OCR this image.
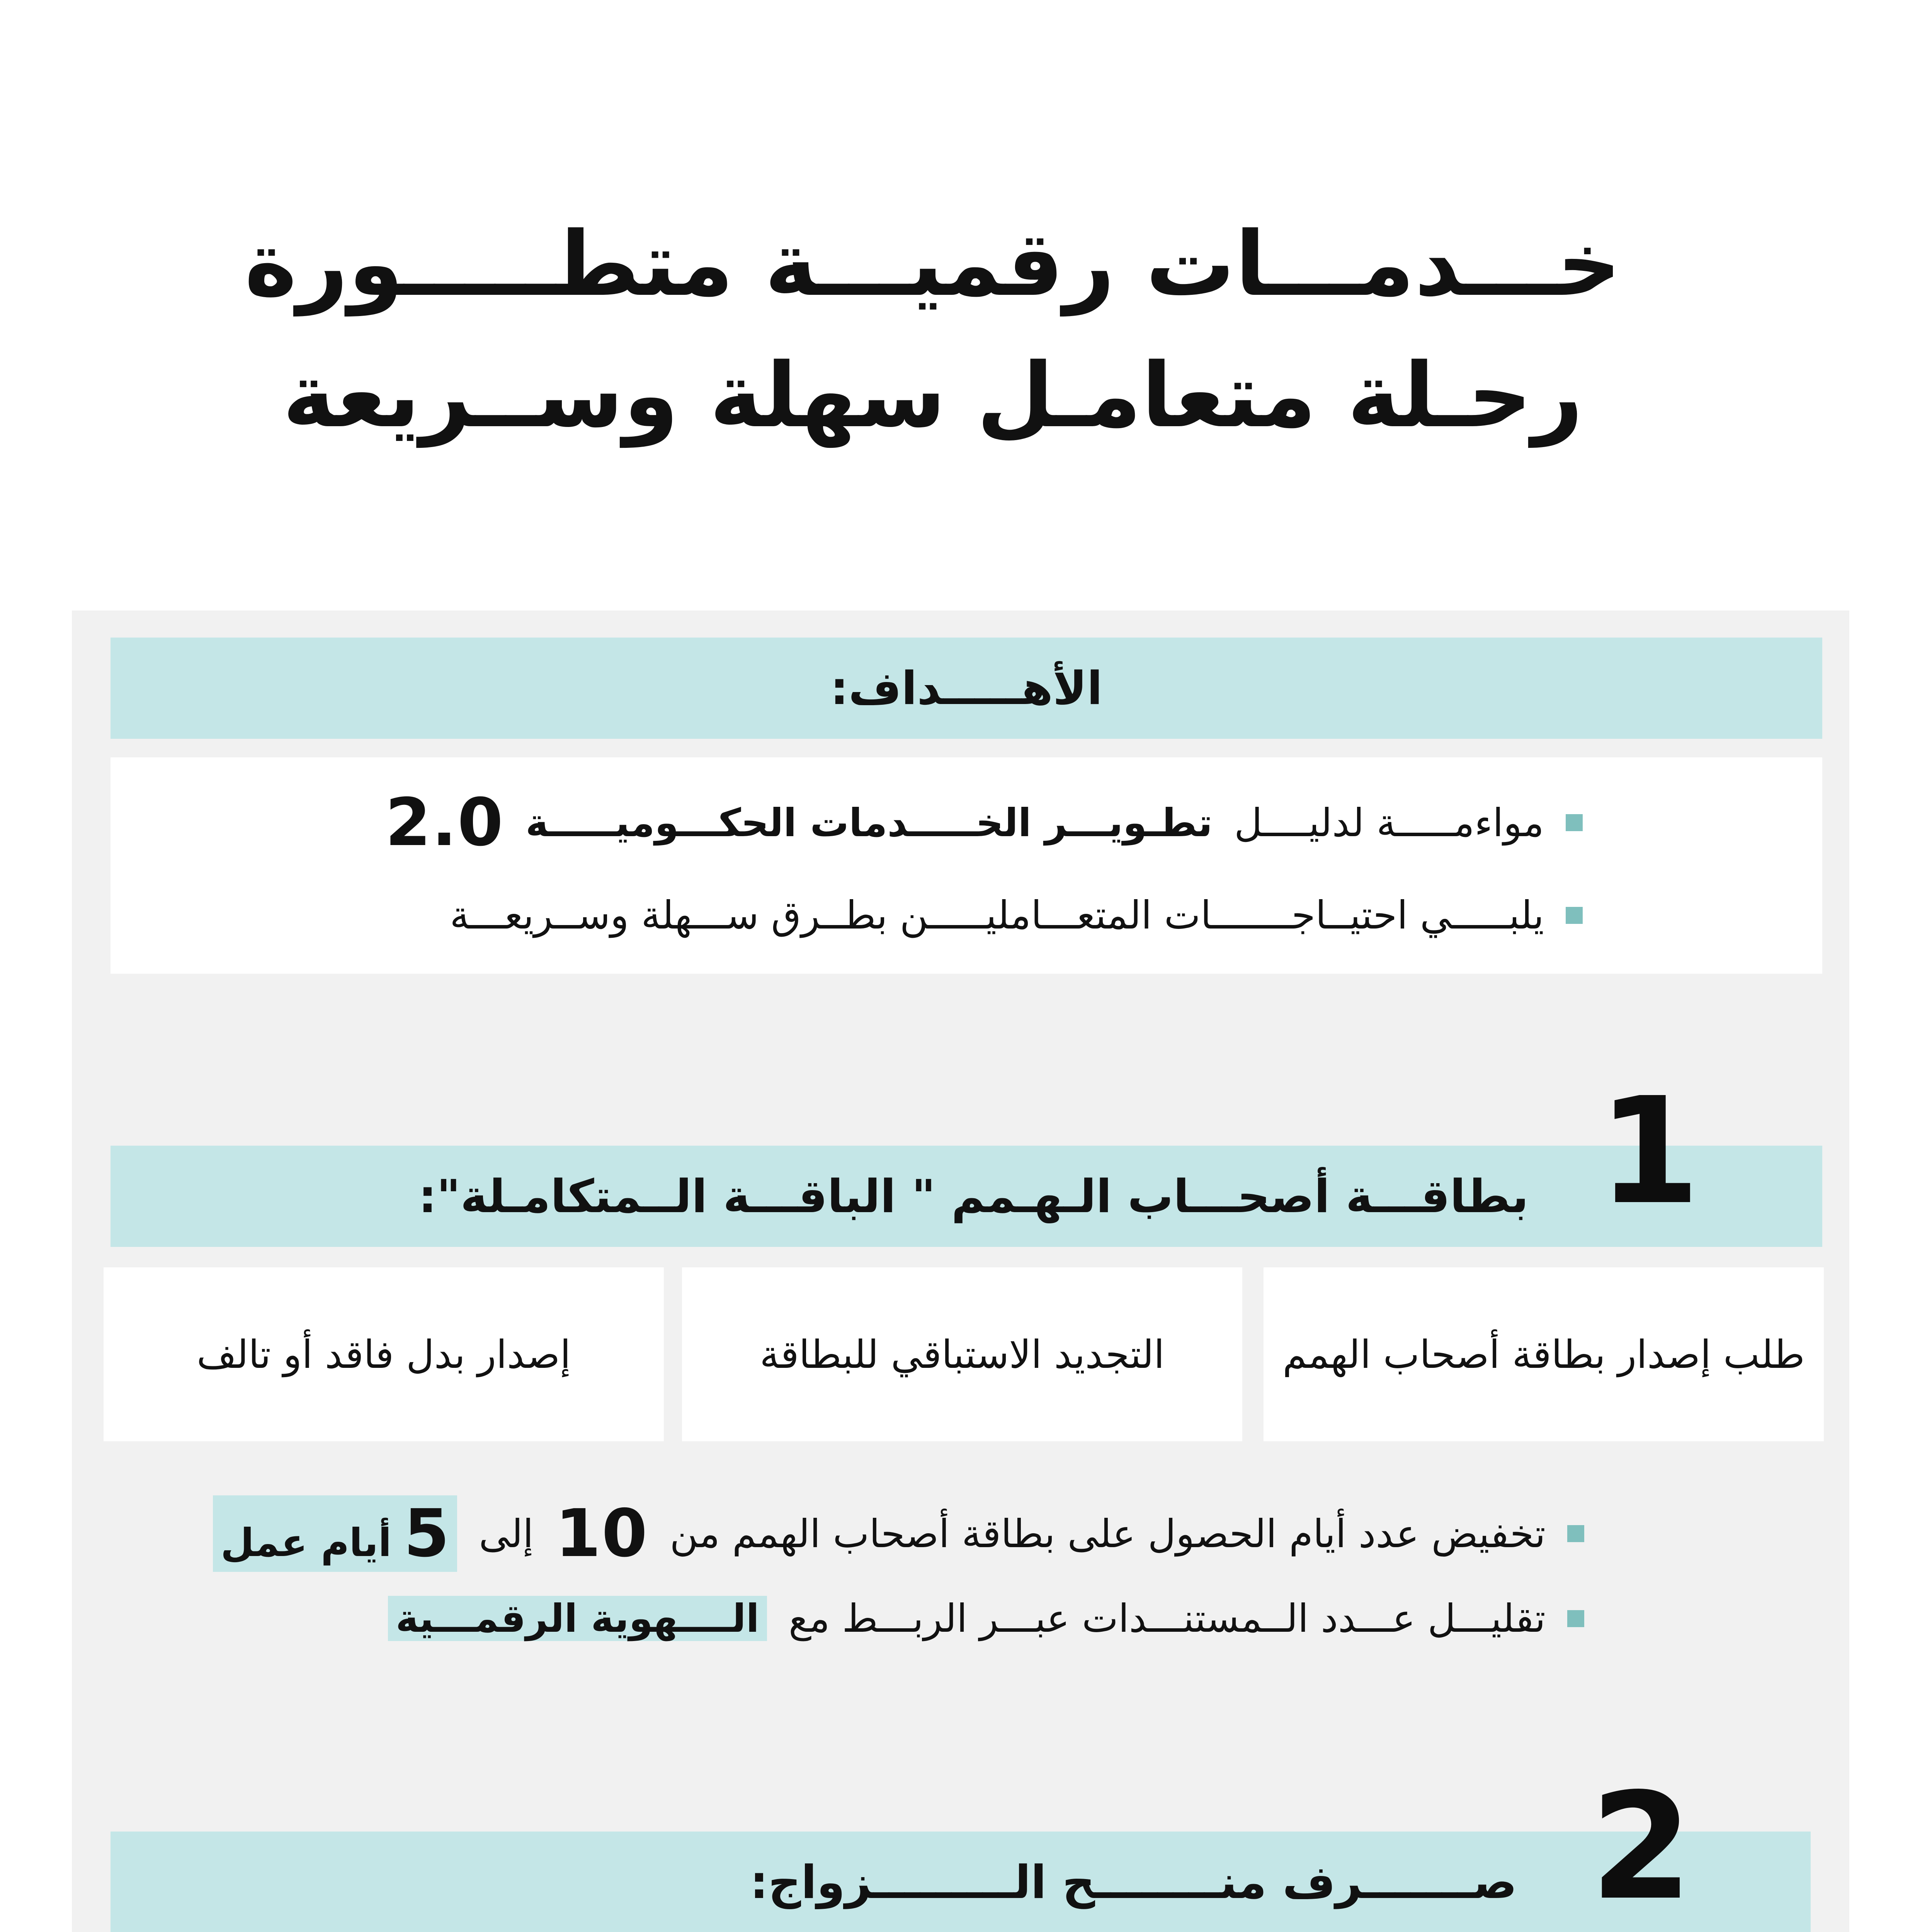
خـــدمـــات رقميـــة متطـــــورة
رحـلة متعامـل سهلة وســريعة
الأهـــــداف:
مواءمـــــة لدليــــل
تطـويـــر الخـــــدمات الحكـــوميـــــة
2.0
يلبـــــي احتيــاجـــــــات المتعـــامليـــــن بطــرق ســـهلة وســريعـــة
بطاقـــة أصحـــاب الـهـمم " الباقـــة الــمتكامـلة": 1
طلب إصدار بطاقة أصحاب الهمم
التجديد الاستباقي للبطاقة
إصدار بدل فاقد أو تالف
تخفيض عدد أيام الحصول على بطاقة أصحاب الهمم من
10
إلى
5 أيام عمل
تقليـــل عـــدد الــمستنـــدات عبـــر الربـــط مع
الــــهوية الرقمـــية
صـــــــرف منــــــــح الـــــــــزواج: 2
